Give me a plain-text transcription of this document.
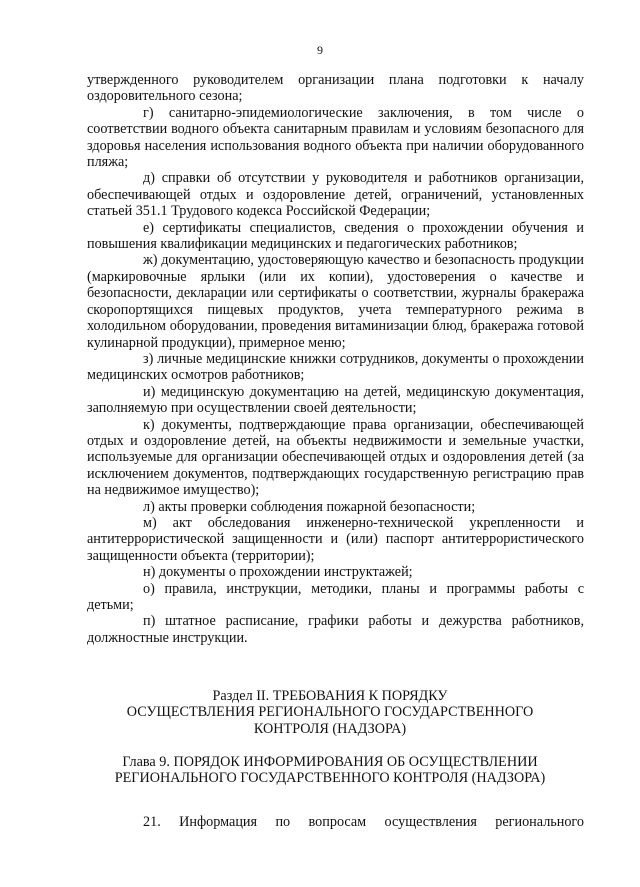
9

утвержденного руководителем организации плана подготовки к началу оздоровительного сезона;

г) санитарно-эпидемиологические заключения, в том числе о соответствии водного объекта санитарным правилам и условиям безопасного для здоровья населения использования водного объекта при наличии оборудованного пляжа;

д) справки об отсутствии у руководителя и работников организации, обеспечивающей отдых и оздоровление детей, ограничений, установленных статьей 351.1 Трудового кодекса Российской Федерации;

е) сертификаты специалистов, сведения о прохождении обучения и повышения квалификации медицинских и педагогических работников;

ж) документацию, удостоверяющую качество и безопасность продукции (маркировочные ярлыки (или их копии), удостоверения о качестве и безопасности, декларации или сертификаты о соответствии, журналы бракеража скоропортящихся пищевых продуктов, учета температурного режима в холодильном оборудовании, проведения витаминизации блюд, бракеража готовой кулинарной продукции), примерное меню;

з) личные медицинские книжки сотрудников, документы о прохождении медицинских осмотров работников;

и) медицинскую документацию на детей, медицинскую документация, заполняемую при осуществлении своей деятельности;

к) документы, подтверждающие права организации, обеспечивающей отдых и оздоровление детей, на объекты недвижимости и земельные участки, используемые для организации обеспечивающей отдых и оздоровления детей (за исключением документов, подтверждающих государственную регистрацию прав на недвижимое имущество);

л) акты проверки соблюдения пожарной безопасности;

м) акт обследования инженерно-технической укрепленности и антитеррористической защищенности и (или) паспорт антитеррористического защищенности объекта (территории);

н) документы о прохождении инструктажей;

о) правила, инструкции, методики, планы и программы работы с детьми;

п) штатное расписание, графики работы и дежурства работников, должностные инструкции.

Раздел II. ТРЕБОВАНИЯ К ПОРЯДКУ
ОСУЩЕСТВЛЕНИЯ РЕГИОНАЛЬНОГО ГОСУДАРСТВЕННОГО
КОНТРОЛЯ (НАДЗОРА)
Глава 9. ПОРЯДОК ИНФОРМИРОВАНИЯ ОБ ОСУЩЕСТВЛЕНИИ
РЕГИОНАЛЬНОГО ГОСУДАРСТВЕННОГО КОНТРОЛЯ (НАДЗОРА)
21. Информация по вопросам осуществления регионального
